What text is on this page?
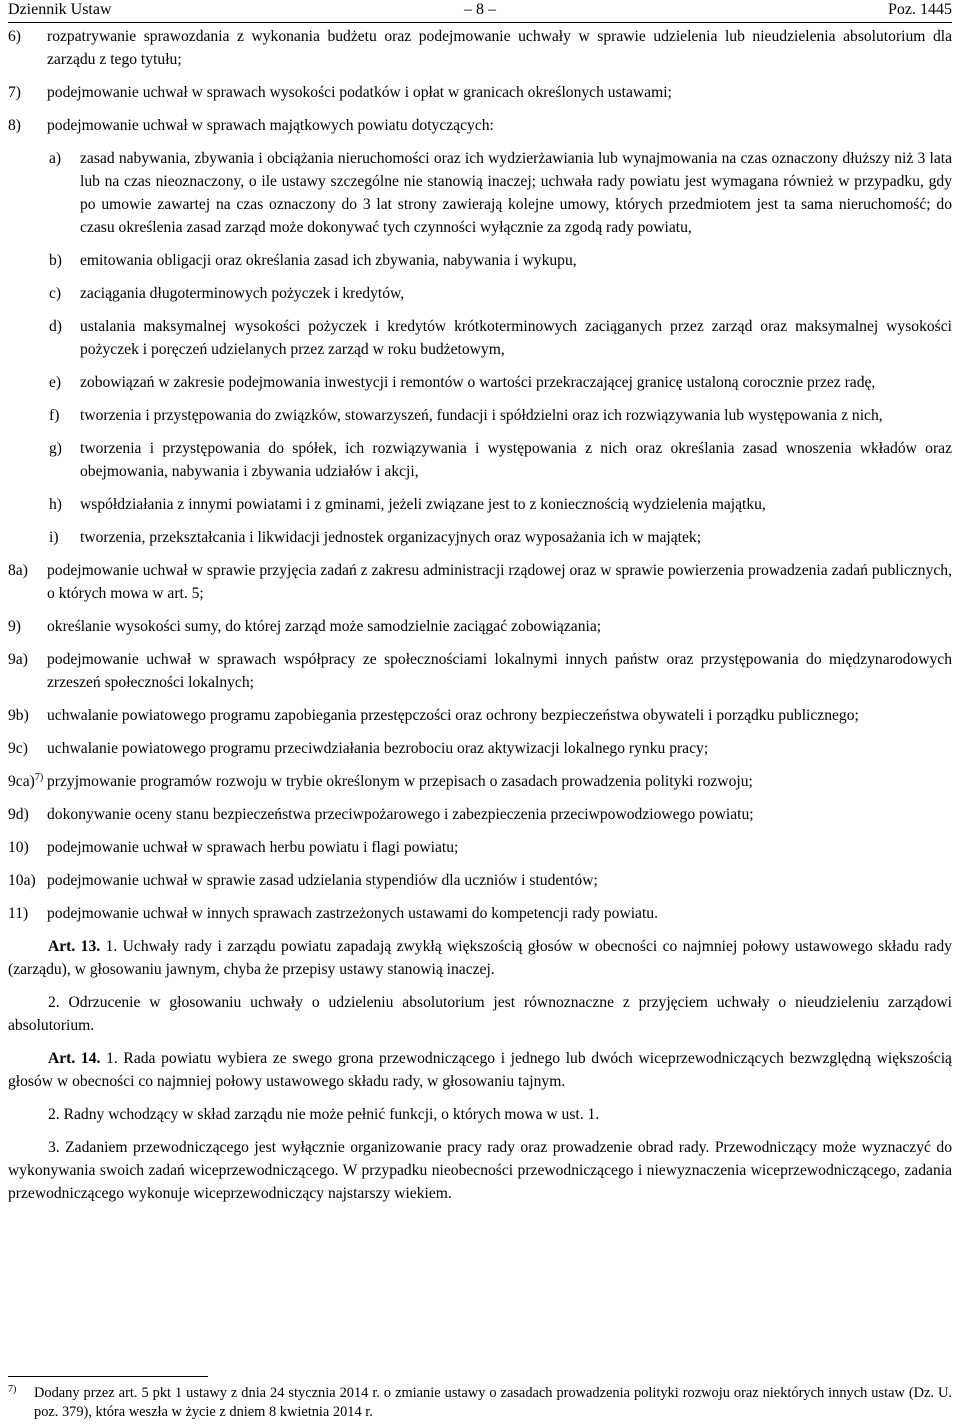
Dziennik Ustaw	– 8 –	Poz. 1445
6) rozpatrywanie sprawozdania z wykonania budżetu oraz podejmowanie uchwały w sprawie udzielenia lub nieudzielenia absolutorium dla zarządu z tego tytułu;
7) podejmowanie uchwał w sprawach wysokości podatków i opłat w granicach określonych ustawami;
8) podejmowanie uchwał w sprawach majątkowych powiatu dotyczących:
a) zasad nabywania, zbywania i obciążania nieruchomości oraz ich wydzierżawiania lub wynajmowania na czas oznaczony dłuższy niż 3 lata lub na czas nieoznaczony, o ile ustawy szczególne nie stanowią inaczej; uchwała rady powiatu jest wymagana również w przypadku, gdy po umowie zawartej na czas oznaczony do 3 lat strony zawierają kolejne umowy, których przedmiotem jest ta sama nieruchomość; do czasu określenia zasad zarząd może dokonywać tych czynności wyłącznie za zgodą rady powiatu,
b) emitowania obligacji oraz określania zasad ich zbywania, nabywania i wykupu,
c) zaciągania długoterminowych pożyczek i kredytów,
d) ustalania maksymalnej wysokości pożyczek i kredytów krótkoterminowych zaciąganych przez zarząd oraz maksymalnej wysokości pożyczek i poręczeń udzielanych przez zarząd w roku budżetowym,
e) zobowiązań w zakresie podejmowania inwestycji i remontów o wartości przekraczającej granicę ustaloną corocznie przez radę,
f) tworzenia i przystępowania do związków, stowarzyszeń, fundacji i spółdzielni oraz ich rozwiązywania lub występowania z nich,
g) tworzenia i przystępowania do spółek, ich rozwiązywania i występowania z nich oraz określania zasad wnoszenia wkładów oraz obejmowania, nabywania i zbywania udziałów i akcji,
h) współdziałania z innymi powiatami i z gminami, jeżeli związane jest to z koniecznością wydzielenia majątku,
i) tworzenia, przekształcania i likwidacji jednostek organizacyjnych oraz wyposażania ich w majątek;
8a) podejmowanie uchwał w sprawie przyjęcia zadań z zakresu administracji rządowej oraz w sprawie powierzenia prowadzenia zadań publicznych, o których mowa w art. 5;
9) określanie wysokości sumy, do której zarząd może samodzielnie zaciągać zobowiązania;
9a) podejmowanie uchwał w sprawach współpracy ze społecznościami lokalnymi innych państw oraz przystępowania do międzynarodowych zrzeszeń społeczności lokalnych;
9b) uchwalanie powiatowego programu zapobiegania przestępczości oraz ochrony bezpieczeństwa obywateli i porządku publicznego;
9c) uchwalanie powiatowego programu przeciwdziałania bezrobociu oraz aktywizacji lokalnego rynku pracy;
9ca)$^{7)}$ przyjmowanie programów rozwoju w trybie określonym w przepisach o zasadach prowadzenia polityki rozwoju;
9d) dokonywanie oceny stanu bezpieczeństwa przeciwpożarowego i zabezpieczenia przeciwpowodziowego powiatu;
10) podejmowanie uchwał w sprawach herbu powiatu i flagi powiatu;
10a) podejmowanie uchwał w sprawie zasad udzielania stypendiów dla uczniów i studentów;
11) podejmowanie uchwał w innych sprawach zastrzeżonych ustawami do kompetencji rady powiatu.

Art. 13. 1. Uchwały rady i zarządu powiatu zapadają zwykłą większością głosów w obecności co najmniej połowy ustawowego składu rady (zarządu), w głosowaniu jawnym, chyba że przepisy ustawy stanowią inaczej.

2. Odrzucenie w głosowaniu uchwały o udzieleniu absolutorium jest równoznaczne z przyjęciem uchwały o nieudzieleniu zarządowi absolutorium.

Art. 14. 1. Rada powiatu wybiera ze swego grona przewodniczącego i jednego lub dwóch wiceprzewodniczących bezwzględną większością głosów w obecności co najmniej połowy ustawowego składu rady, w głosowaniu tajnym.

2. Radny wchodzący w skład zarządu nie może pełnić funkcji, o których mowa w ust. 1.

3. Zadaniem przewodniczącego jest wyłącznie organizowanie pracy rady oraz prowadzenie obrad rady. Przewodniczący może wyznaczyć do wykonywania swoich zadań wiceprzewodniczącego. W przypadku nieobecności przewodniczącego i niewyznaczenia wiceprzewodniczącego, zadania przewodniczącego wykonuje wiceprzewodniczący najstarszy wiekiem.

7) Dodany przez art. 5 pkt 1 ustawy z dnia 24 stycznia 2014 r. o zmianie ustawy o zasadach prowadzenia polityki rozwoju oraz niektórych innych ustaw (Dz. U. poz. 379), która weszła w życie z dniem 8 kwietnia 2014 r.
